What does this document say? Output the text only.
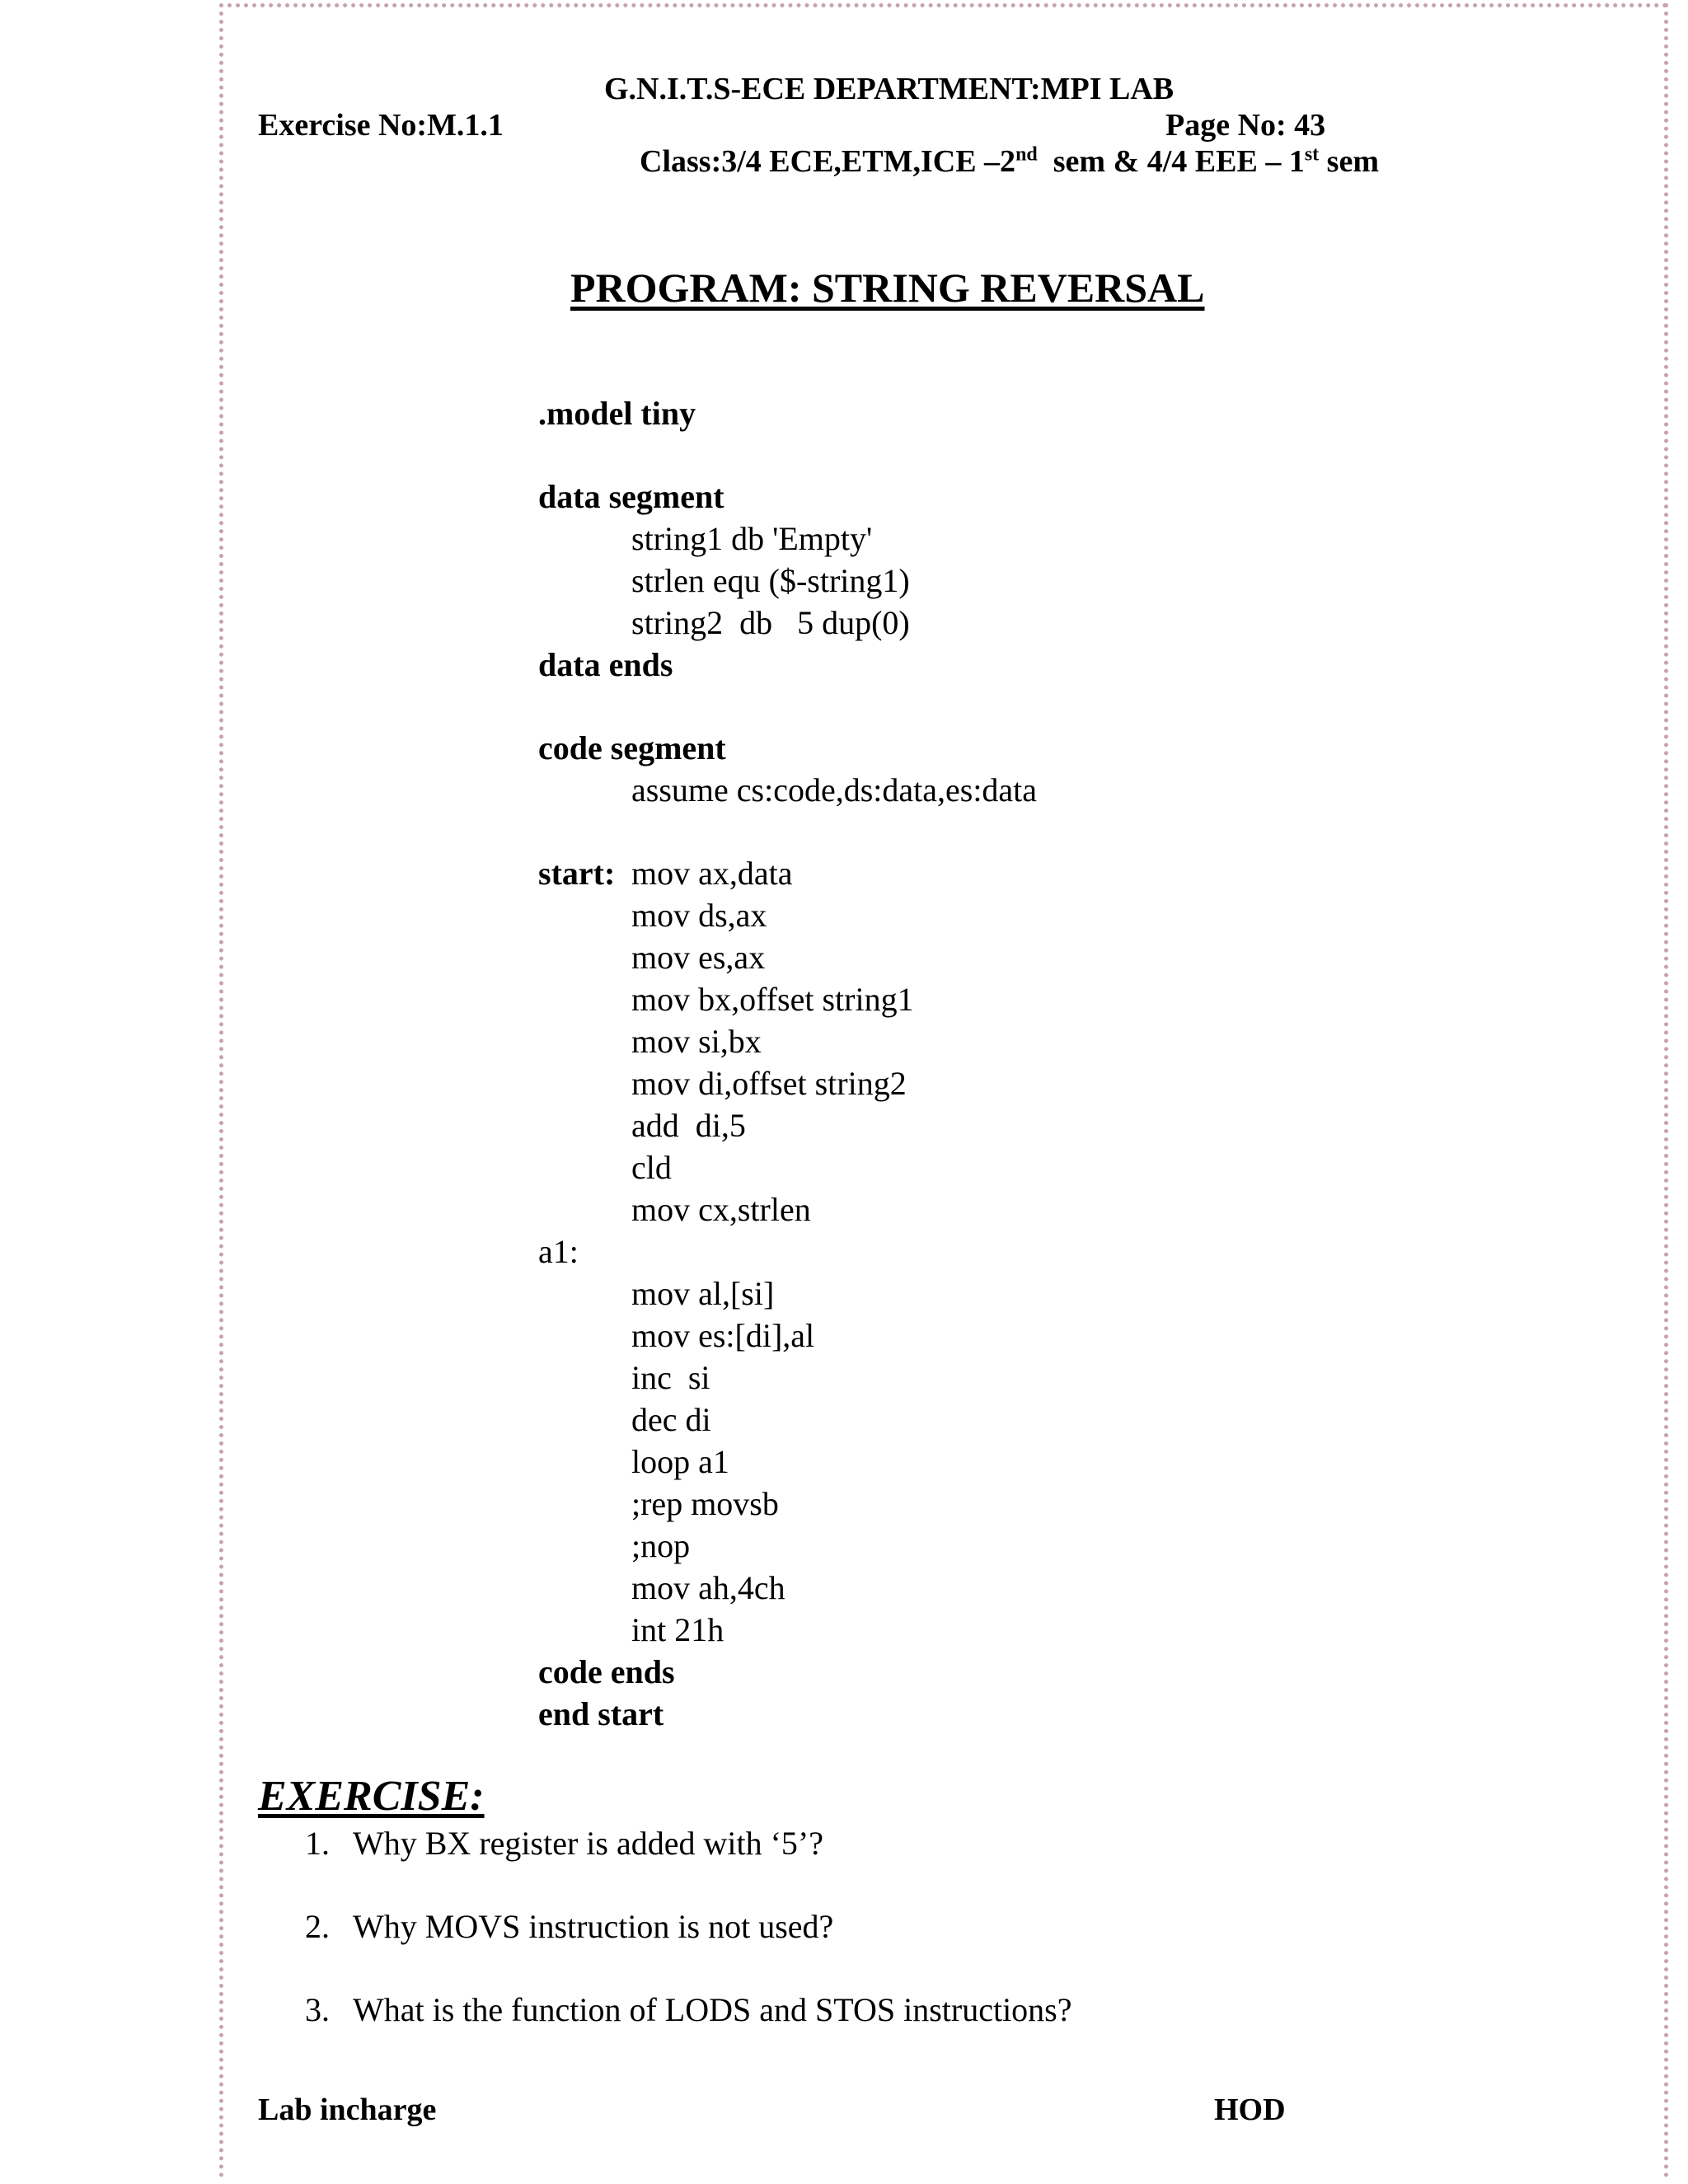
G.N.I.T.S-ECE DEPARTMENT:MPI LAB
Exercise No:M.1.1	Page No: 43
Class:3/4 ECE,ETM,ICE –2nd  sem & 4/4 EEE – 1st sem
PROGRAM: STRING REVERSAL
.model tiny
data segment
string1 db 'Empty'
strlen equ ($-string1)
string2  db   5 dup(0)
data ends
code segment
assume cs:code,ds:data,es:data
start: mov ax,data
mov ds,ax
mov es,ax
mov bx,offset string1
mov si,bx
mov di,offset string2
add  di,5
cld
mov cx,strlen
a1:
mov al,[si]
mov es:[di],al
inc  si
dec di
loop a1
;rep movsb
;nop
mov ah,4ch
int 21h
code ends
end start
EXERCISE:
1. Why BX register is added with ‘5’?
2. Why MOVS instruction is not used?
3. What is the function of LODS and STOS instructions?
Lab incharge	HOD
